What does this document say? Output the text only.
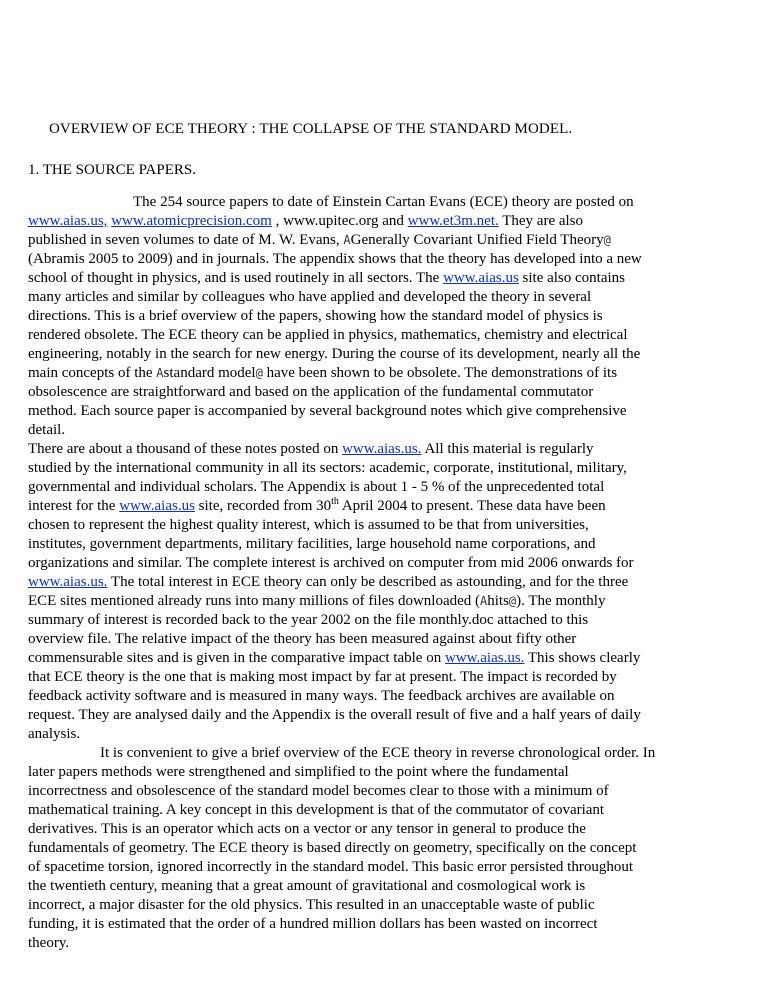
OVERVIEW OF ECE THEORY : THE COLLAPSE OF THE STANDARD MODEL.
1. THE SOURCE PAPERS.
The 254 source papers to date of Einstein Cartan Evans (ECE) theory are posted on
www.aias.us, www.atomicprecision.com , www.upitec.org and www.et3m.net. They are also
published in seven volumes to date of M. W. Evans, AGenerally Covariant Unified Field Theory@
(Abramis 2005 to 2009) and in journals. The appendix shows that the theory has developed into a new
school of thought in physics, and is used routinely in all sectors. The www.aias.us site also contains
many articles and similar by colleagues who have applied and developed the theory in several
directions. This is a brief overview of the papers, showing how the standard model of physics is
rendered obsolete. The ECE theory can be applied in physics, mathematics, chemistry and electrical
engineering, notably in the search for new energy. During the course of its development, nearly all the
main concepts of the Astandard model@ have been shown to be obsolete. The demonstrations of its
obsolescence are straightforward and based on the application of the fundamental commutator
method. Each source paper is accompanied by several background notes which give comprehensive
detail.
There are about a thousand of these notes posted on www.aias.us. All this material is regularly
studied by the international community in all its sectors: academic, corporate, institutional, military,
governmental and individual scholars. The Appendix is about 1 - 5 % of the unprecedented total
interest for the www.aias.us site, recorded from 30th April 2004 to present. These data have been
chosen to represent the highest quality interest, which is assumed to be that from universities,
institutes, government departments, military facilities, large household name corporations, and
organizations and similar. The complete interest is archived on computer from mid 2006 onwards for
www.aias.us. The total interest in ECE theory can only be described as astounding, and for the three
ECE sites mentioned already runs into many millions of files downloaded (Ahits@). The monthly
summary of interest is recorded back to the year 2002 on the file monthly.doc attached to this
overview file. The relative impact of the theory has been measured against about fifty other
commensurable sites and is given in the comparative impact table on www.aias.us. This shows clearly
that ECE theory is the one that is making most impact by far at present. The impact is recorded by
feedback activity software and is measured in many ways. The feedback archives are available on
request. They are analysed daily and the Appendix is the overall result of five and a half years of daily
analysis.
It is convenient to give a brief overview of the ECE theory in reverse chronological order. In
later papers methods were strengthened and simplified to the point where the fundamental
incorrectness and obsolescence of the standard model becomes clear to those with a minimum of
mathematical training. A key concept in this development is that of the commutator of covariant
derivatives. This is an operator which acts on a vector or any tensor in general to produce the
fundamentals of geometry. The ECE theory is based directly on geometry, specifically on the concept
of spacetime torsion, ignored incorrectly in the standard model. This basic error persisted throughout
the twentieth century, meaning that a great amount of gravitational and cosmological work is
incorrect, a major disaster for the old physics. This resulted in an unacceptable waste of public
funding, it is estimated that the order of a hundred million dollars has been wasted on incorrect
theory.
